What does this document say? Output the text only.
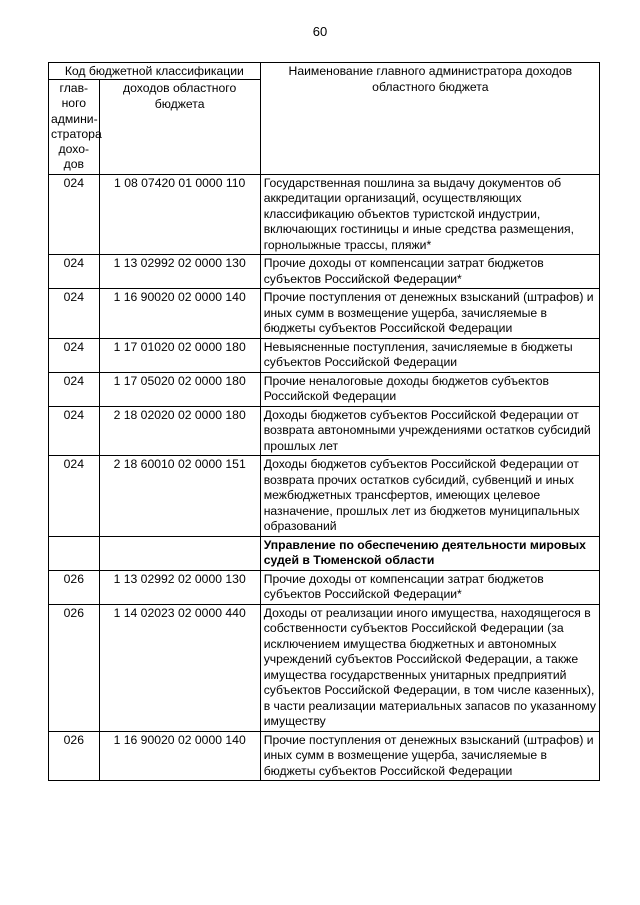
60
Код бюджетной классификации		Наименование главного администратора доходов областного бюджета
глав-ного админи-стратора дохо-дов	доходов областного бюджета	
024	1 08 07420 01 0000 110	Государственная пошлина за выдачу документов об аккредитации организаций, осуществляющих классификацию объектов туристской индустрии, включающих гостиницы и иные средства размещения, горнолыжные трассы, пляжи*
024	1 13 02992 02 0000 130	Прочие доходы от компенсации затрат бюджетов субъектов Российской Федерации*
024	1 16 90020 02 0000 140	Прочие поступления от денежных взысканий (штрафов) и иных сумм в возмещение ущерба, зачисляемые в бюджеты субъектов Российской Федерации
024	1 17 01020 02 0000 180	Невыясненные поступления, зачисляемые в бюджеты субъектов Российской Федерации
024	1 17 05020 02 0000 180	Прочие неналоговые доходы бюджетов субъектов Российской Федерации
024	2 18 02020 02 0000 180	Доходы бюджетов субъектов Российской Федерации от возврата автономными учреждениями остатков субсидий прошлых лет
024	2 18 60010 02 0000 151	Доходы бюджетов субъектов Российской Федерации от возврата прочих остатков субсидий, субвенций и иных межбюджетных трансфертов, имеющих целевое назначение, прошлых лет из бюджетов муниципальных образований
		Управление по обеспечению деятельности мировых судей в Тюменской области
026	1 13 02992 02 0000 130	Прочие доходы от компенсации затрат бюджетов субъектов Российской Федерации*
026	1 14 02023 02 0000 440	Доходы от реализации иного имущества, находящегося в собственности субъектов Российской Федерации (за исключением имущества бюджетных и автономных учреждений субъектов Российской Федерации, а также имущества государственных унитарных предприятий субъектов Российской Федерации, в том числе казенных), в части реализации материальных запасов по указанному имуществу
026	1 16 90020 02 0000 140	Прочие поступления от денежных взысканий (штрафов) и иных сумм в возмещение ущерба, зачисляемые в бюджеты субъектов Российской Федерации
